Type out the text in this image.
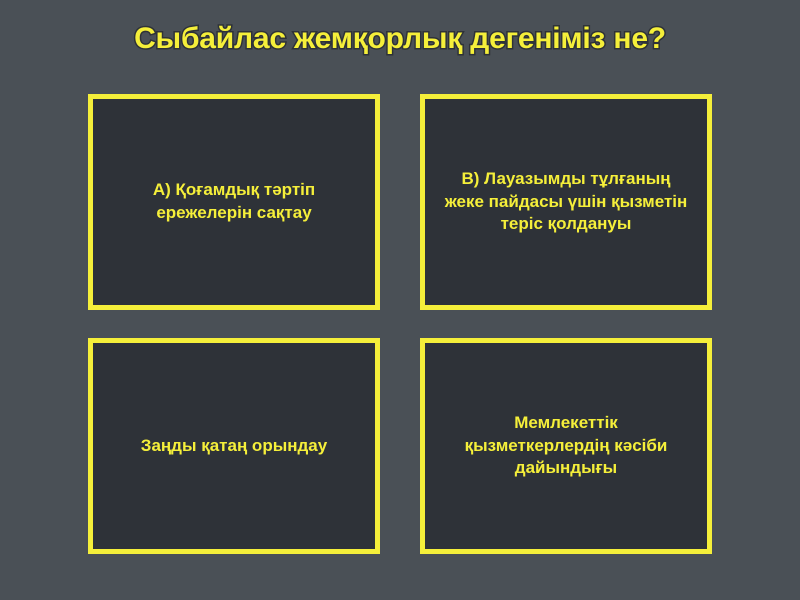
Сыбайлас жемқорлық дегеніміз не?
А) Қоғамдық тәртіп ережелерін сақтау
В) Лауазымды тұлғаның жеке пайдасы үшін қызметін теріс қолдануы
Заңды қатаң орындау
Мемлекеттік қызметкерлердің кәсіби дайындығы
